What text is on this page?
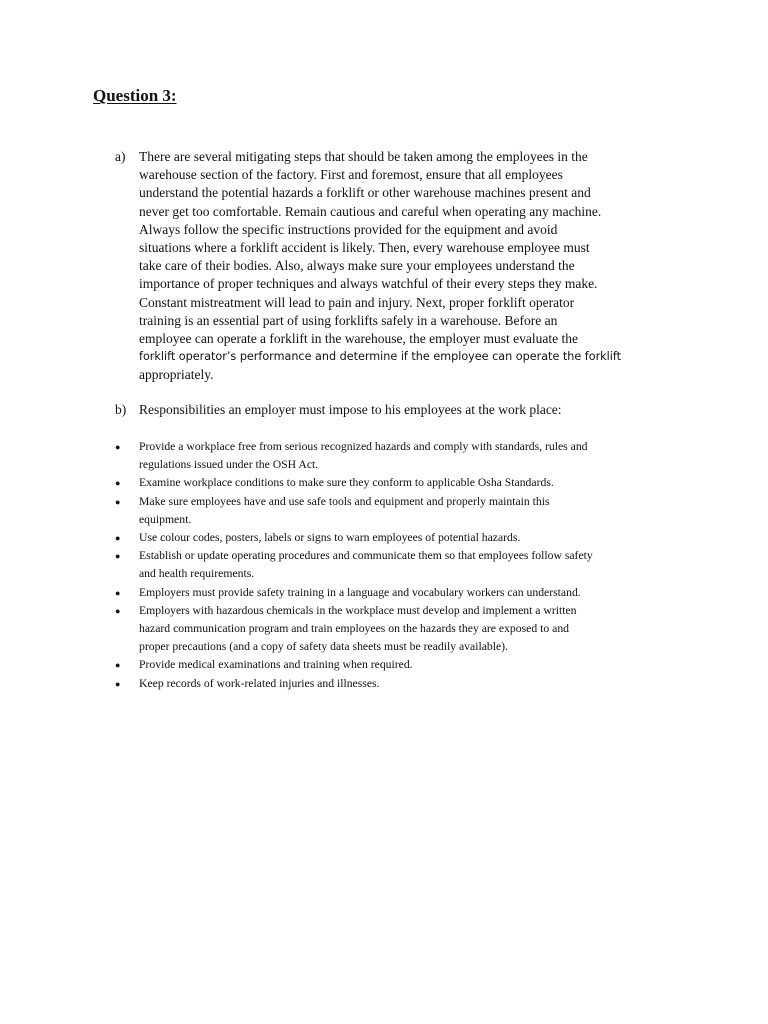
Question 3:
a) There are several mitigating steps that should be taken among the employees in the
warehouse section of the factory. First and foremost, ensure that all employees
understand the potential hazards a forklift or other warehouse machines present and
never get too comfortable. Remain cautious and careful when operating any machine.
Always follow the specific instructions provided for the equipment and avoid
situations where a forklift accident is likely. Then, every warehouse employee must
take care of their bodies. Also, always make sure your employees understand the
importance of proper techniques and always watchful of their every steps they make.
Constant mistreatment will lead to pain and injury. Next, proper forklift operator
training is an essential part of using forklifts safely in a warehouse. Before an
employee can operate a forklift in the warehouse, the employer must evaluate the
forklift operator’s performance and determine if the employee can operate the forklift
appropriately.
b) Responsibilities an employer must impose to his employees at the work place:
● Provide a workplace free from serious recognized hazards and comply with standards, rules and
regulations issued under the OSH Act.
● Examine workplace conditions to make sure they conform to applicable Osha Standards.
● Make sure employees have and use safe tools and equipment and properly maintain this
equipment.
● Use colour codes, posters, labels or signs to warn employees of potential hazards.
● Establish or update operating procedures and communicate them so that employees follow safety
and health requirements.
● Employers must provide safety training in a language and vocabulary workers can understand.
● Employers with hazardous chemicals in the workplace must develop and implement a written
hazard communication program and train employees on the hazards they are exposed to and
proper precautions (and a copy of safety data sheets must be readily available).
● Provide medical examinations and training when required.
● Keep records of work-related injuries and illnesses.
